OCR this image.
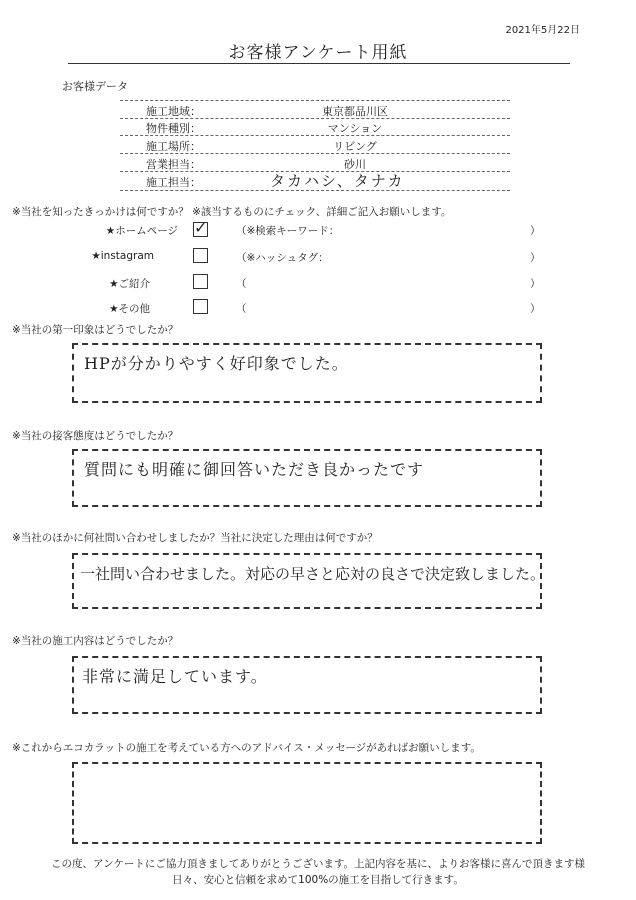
2021年5月22日
お客様アンケート用紙
お客様データ
施工地域：	東京都品川区
物件種別：	マンション
施工場所：	リビング
営業担当：	砂川
施工担当：	タカハシ、タナカ
※当社を知ったきっかけは何ですか？ ※該当するものにチェック、詳細ご記入お願いします。
★ホームページ ✓	（※検索キーワード：	）
★instagram	（※ハッシュタグ：	）
★ご紹介	（	）
★その他	（	）
※当社の第一印象はどうでしたか？
HPが分かりやすく好印象でした。
※当社の接客態度はどうでしたか？
質問にも明確に御回答いただき良かったです
※当社のほかに何社問い合わせしましたか？当社に決定した理由は何ですか？
一社問い合わせました。対応の早さと応対の良さで決定致しました。
※当社の施工内容はどうでしたか？
非常に満足しています。
※これからエコカラットの施工を考えている方へのアドバイス・メッセージがあればお願いします。
この度、アンケートにご協力頂きましてありがとうございます。上記内容を基に、よりお客様に喜んで頂きます様
日々、安心と信頼を求めて100%の施工を目指して行きます。
